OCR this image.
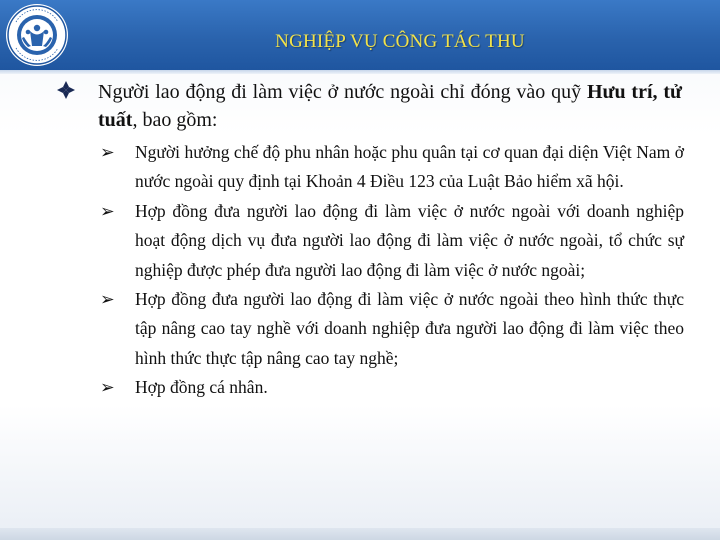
NGHIỆP VỤ CÔNG TÁC THU
Người lao động đi làm việc ở nước ngoài chỉ đóng vào quỹ Hưu trí, tử tuất, bao gồm:
➢	Người hưởng chế độ phu nhân hoặc phu quân tại cơ quan đại diện Việt Nam ở nước ngoài quy định tại Khoản 4 Điều 123 của Luật Bảo hiểm xã hội.
➢	Hợp đồng đưa người lao động đi làm việc ở nước ngoài với doanh nghiệp hoạt động dịch vụ đưa người lao động đi làm việc ở nước ngoài, tổ chức sự nghiệp được phép đưa người lao động đi làm việc ở nước ngoài;
➢	Hợp đồng đưa người lao động đi làm việc ở nước ngoài theo hình thức thực tập nâng cao tay nghề với doanh nghiệp đưa người lao động đi làm việc theo hình thức thực tập nâng cao tay nghề;
➢	Hợp đồng cá nhân.
